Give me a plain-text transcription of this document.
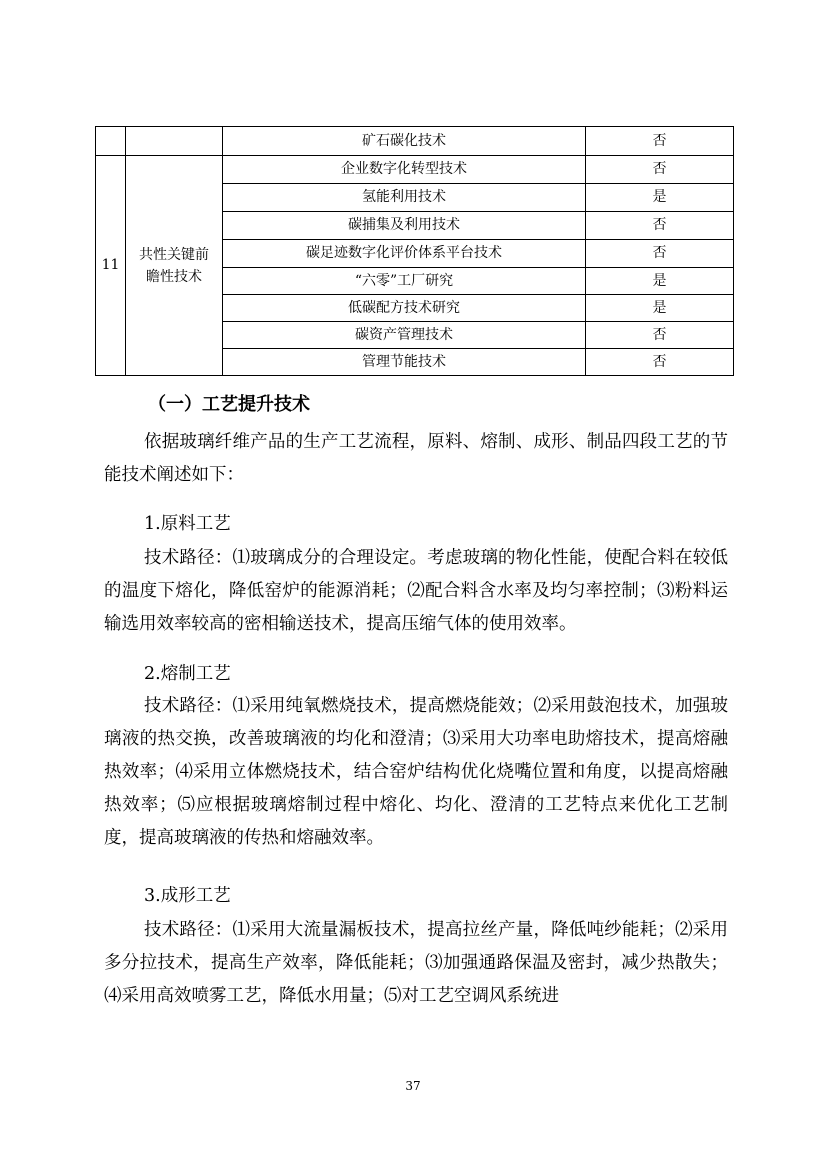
		矿石碳化技术	否
11	共性关键前瞻性技术	企业数字化转型技术	否
		氢能利用技术	是
		碳捕集及利用技术	否
		碳足迹数字化评价体系平台技术	否
		“六零”工厂研究	是
		低碳配方技术研究	是
		碳资产管理技术	否
		管理节能技术	否
（一）工艺提升技术

依据玻璃纤维产品的生产工艺流程，原料、熔制、成形、制品四段工艺的节能技术阐述如下：

1.原料工艺

技术路径：⑴玻璃成分的合理设定。考虑玻璃的物化性能，使配合料在较低的温度下熔化，降低窑炉的能源消耗；⑵配合料含水率及均匀率控制；⑶粉料运输选用效率较高的密相输送技术，提高压缩气体的使用效率。

2.熔制工艺

技术路径：⑴采用纯氧燃烧技术，提高燃烧能效；⑵采用鼓泡技术，加强玻璃液的热交换，改善玻璃液的均化和澄清；⑶采用大功率电助熔技术，提高熔融热效率；⑷采用立体燃烧技术，结合窑炉结构优化烧嘴位置和角度，以提高熔融热效率；⑸应根据玻璃熔制过程中熔化、均化、澄清的工艺特点来优化工艺制度，提高玻璃液的传热和熔融效率。

3.成形工艺

技术路径：⑴采用大流量漏板技术，提高拉丝产量，降低吨纱能耗；⑵采用多分拉技术，提高生产效率，降低能耗；⑶加强通路保温及密封，减少热散失；⑷采用高效喷雾工艺，降低水用量；⑸对工艺空调风系统进

37
